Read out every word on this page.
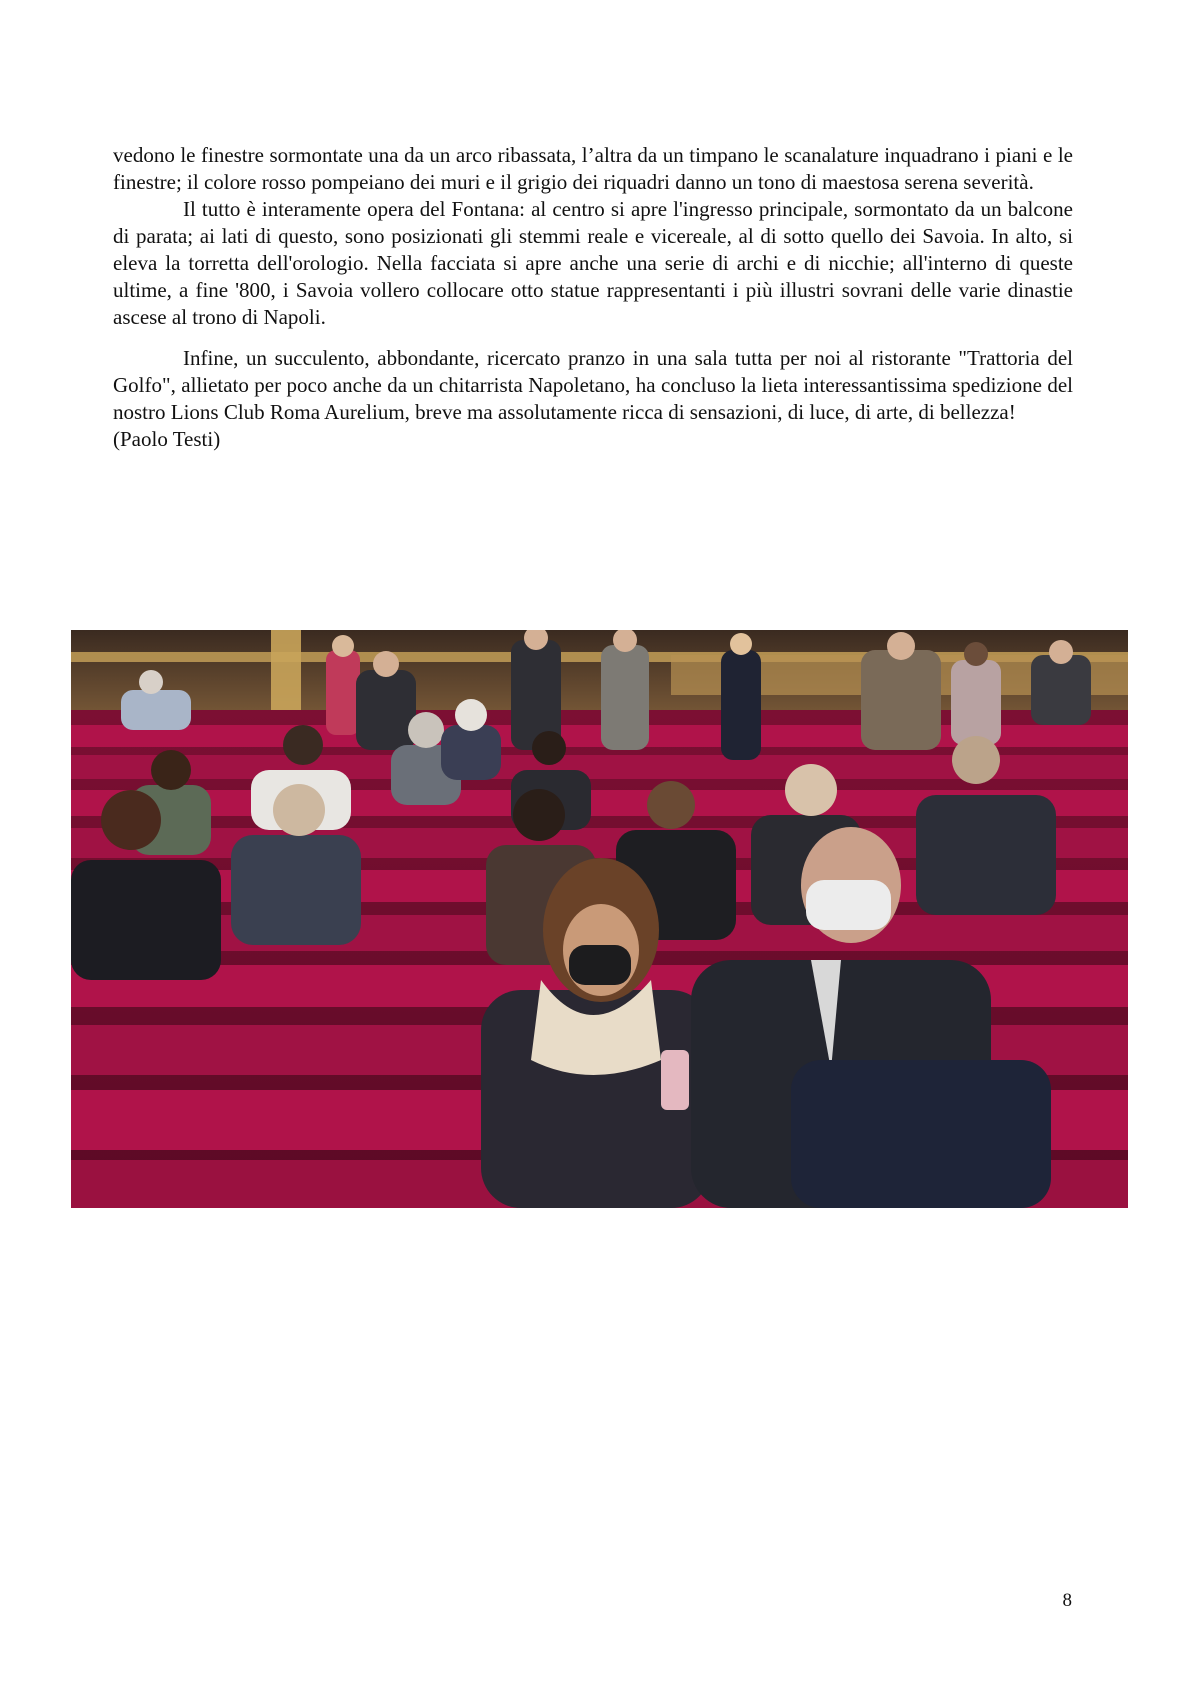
vedono le finestre sormontate una da un arco ribassata, l’altra da un timpano le scanalature inquadrano i piani e le finestre; il colore rosso pompeiano dei muri e il grigio dei riquadri danno un tono di maestosa serena severità.

Il tutto è interamente opera del Fontana: al centro si apre l'ingresso principale, sormontato da un balcone di parata; ai lati di questo, sono posizionati gli stemmi reale e vicereale, al di sotto quello dei Savoia. In alto, si eleva la torretta dell'orologio. Nella facciata si apre anche una serie di archi e di nicchie; all'interno di queste ultime, a fine '800, i Savoia vollero collocare otto statue rappresentanti i più illustri sovrani delle varie dinastie ascese al trono di Napoli.

Infine, un succulento, abbondante, ricercato pranzo in una sala tutta per noi al ristorante "Trattoria del Golfo", allietato per poco anche da un chitarrista Napoletano, ha concluso la lieta interessantissima spedizione del nostro Lions Club Roma Aurelium, breve ma assolutamente ricca di sensazioni, di luce, di arte, di bellezza!

(Paolo Testi)

8
